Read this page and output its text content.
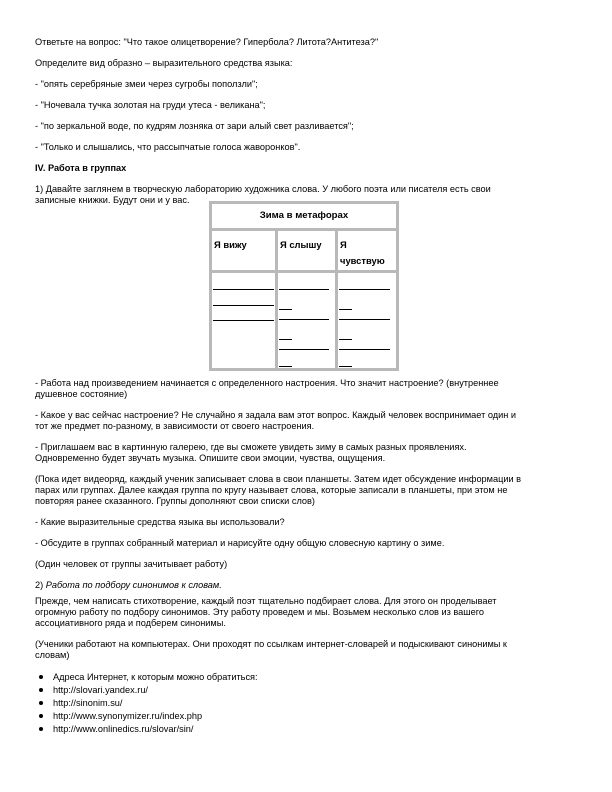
Ответьте на вопрос: "Что такое олицетворение? Гипербола? Литота?Антитеза?"
Определите вид образно – выразительного средства языка:
- "опять серебряные змеи через сугробы поползли";
- "Ночевала тучка золотая на груди утеса - великана";
- "по зеркальной воде, по кудрям лозняка от зари алый свет разливается";
- "Только и слышались, что рассыпчатые голоса жаворонков".
IV. Работа в группах
1) Давайте заглянем в творческую лабораторию художника слова. У любого поэта или писателя есть свои
записные книжки. Будут они и у вас.
Зима в метафорах
Я вижу	Я слышу Я
чувствую
- Работа над произведением начинается с определенного настроения. Что значит настроение? (внутреннее
душевное состояние)
- Какое у вас сейчас настроение? Не случайно я задала вам этот вопрос. Каждый человек воспринимает один и
тот же предмет по-разному, в зависимости от своего настроения.
- Приглашаем вас в картинную галерею, где вы сможете увидеть зиму в самых разных проявлениях.
Одновременно будет звучать музыка. Опишите свои эмоции, чувства, ощущения.
(Пока идет видеоряд, каждый ученик записывает слова в свои планшеты. Затем идет обсуждение информации в
парах или группах. Далее каждая группа по кругу называет слова, которые записали в планшеты, при этом не
повторяя ранее сказанного. Группы дополняют свои списки слов)
- Какие выразительные средства языка вы использовали?
- Обсудите в группах собранный материал и нарисуйте одну общую словесную картину о зиме.
(Один человек от группы зачитывает работу)
2) Работа по подбору синонимов к словам.
Прежде, чем написать стихотворение, каждый поэт тщательно подбирает слова. Для этого он проделывает
огромную работу по подбору синонимов. Эту работу проведем и мы. Возьмем несколько слов из вашего
ассоциативного ряда и подберем синонимы.
(Ученики работают на компьютерах. Они проходят по ссылкам интернет-словарей и подыскивают синонимы к
словам)
Адреса Интернет, к которым можно обратиться:
http://slovari.yandex.ru/
http://sinonim.su/
http://www.synonymizer.ru/index.php
http://www.onlinedics.ru/slovar/sin/
